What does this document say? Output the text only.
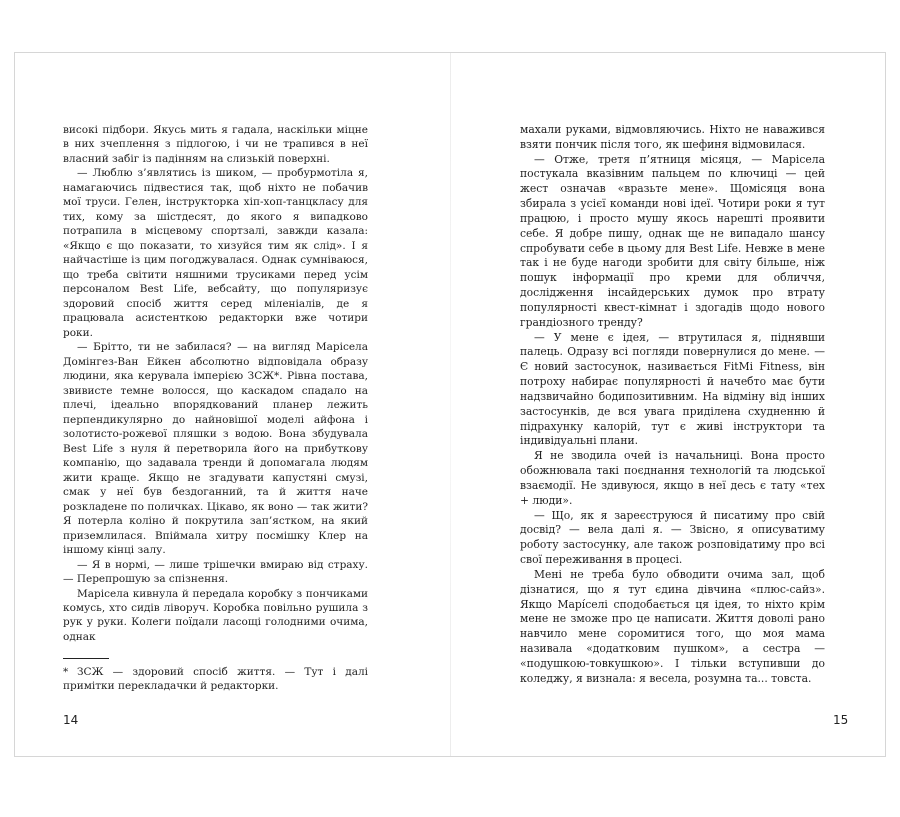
високі підбори. Якусь мить я гадала, наскільки міцне в них зчеплення з підлогою, і чи не трапився в неї власний забіг із падінням на слизькій поверхні.

— Люблю з’являтись із шиком, — пробурмотіла я, намагаючись підвестися так, щоб ніхто не побачив мої труси. Гелен, інструкторка хіп-хоп-танцкласу для тих, кому за шістдесят, до якого я випадково потрапила в місцевому спортзалі, завжди казала: «Якщо є що показати, то хизуйся тим як слід». І я найчастіше із цим погоджувалася. Однак сумніваюся, що треба світити няшними трусиками перед усім персоналом Best Life, вебсайту, що популяризує здоровий спосіб життя серед міленіалів, де я працювала асистенткою редакторки вже чотири роки.

— Брітто, ти не забилася? — на вигляд Марісела Домінгез-Ван Ейкен абсолютно відповідала образу людини, яка керувала імперією ЗСЖ*. Рівна постава, звивисте темне волосся, що каскадом спадало на плечі, ідеально впорядкований планер лежить перпендикулярно до найновішої моделі айфона і золотисто-рожевої пляшки з водою. Вона збудувала Best Life з нуля й перетворила його на прибуткову компанію, що задавала тренди й допомагала людям жити краще. Якщо не згадувати капустяні смузі, смак у неї був бездоганний, та й життя наче розкладене по поличках. Цікаво, як воно — так жити? Я потерла коліно й покрутила зап’ястком, на який приземлилася. Впіймала хитру посмішку Клер на іншому кінці залу.

— Я в нормі, — лише трішечки вмираю від страху. — Перепрошую за спізнення.

Марісела кивнула й передала коробку з пончиками комусь, хто сидів ліворуч. Коробка повільно рушила з рук у руки. Колеги поїдали ласощі голодними очима, однак

* ЗСЖ — здоровий спосіб життя. — Тут і далі примітки перекладачки й редакторки.
14

махали руками, відмовляючись. Ніхто не наважився взяти пончик після того, як шефиня відмовилася.

— Отже, третя п’ятниця місяця, — Марісела постукала вказівним пальцем по ключиці — цей жест означав «вразьте мене». Щомісяця вона збирала з усієї команди нові ідеї. Чотири роки я тут працюю, і просто мушу якось нарешті проявити себе. Я добре пишу, однак ще не випадало шансу спробувати себе в цьому для Best Life. Невже в мене так і не буде нагоди зробити для світу більше, ніж пошук інформації про креми для обличчя, дослідження інсайдерських думок про втрату популярності квест-кімнат і здогадів щодо нового грандіозного тренду?

— У мене є ідея, — втрутилася я, піднявши палець. Одразу всі погляди повернулися до мене. — Є новий застосунок, називається FitMi Fitness, він потроху набирає популярності й начебто має бути надзвичайно бодипозитивним. На відміну від інших застосунків, де вся увага приділена схудненню й підрахунку калорій, тут є живі інструктори та індивідуальні плани.

Я не зводила очей із начальниці. Вона просто обожнювала такі поєднання технологій та людської взаємодії. Не здивуюся, якщо в неї десь є тату «тех + люди».

— Що, як я зареєструюся й писатиму про свій досвід? — вела далі я. — Звісно, я описуватиму роботу застосунку, але також розповідатиму про всі свої переживання в процесі.

Мені не треба було обводити очима зал, щоб дізнатися, що я тут єдина дівчина «плюс-сайз». Якщо Марíселі сподобається ця ідея, то ніхто крім мене не зможе про це написати. Життя доволі рано навчило мене соромитися того, що моя мама називала «додатковим пушком», а сестра — «подушкою-товкушкою». І тільки вступивши до коледжу, я визнала: я весела, розумна та... товста.

15
